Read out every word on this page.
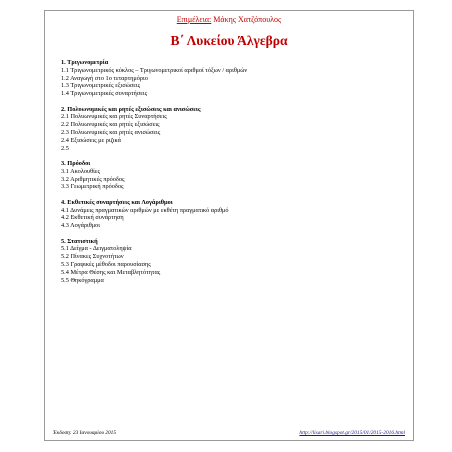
Επιμέλεια: Μάκης Χατζόπουλος
Β΄ Λυκείου Άλγεβρα
1. Τριγωνομετρία
1.1 Τριγωνομετρικός κύκλος – Τριγωνομετρικοί αριθμοί τόξων / αριθμών
1.2 Αναγωγή στο 1ο τεταρτημόριο
1.3 Τριγωνομετρικές εξισώσεις
1.4 Τριγωνομετρικές συναρτήσεις
2. Πολυωνυμικές και ρητές εξισώσεις και ανισώσεις
2.1 Πολυωνυμικές και ρητές Συναρτήσεις
2.2 Πολυωνυμικές και ρητές εξισώσεις
2.3 Πολυωνυμικές και ρητές ανισώσεις
2.4 Εξισώσεις με ριζικά
2.5
3. Πρόοδοι
3.1 Ακολουθίες
3.2 Αριθμητικές πρόοδος
3.3 Γεωμετρική πρόοδος
4. Εκθετικές συναρτήσεις και Λογάριθμοι
4.1 Δυνάμεις πραγματικών αριθμών με εκθέτη πραγματικό αριθμό
4.2 Εκθετική συνάρτηση
4.3 Λογάριθμοι
5. Στατιστική
5.1 Δείγμα - Δειγματοληψία
5.2 Πίνακες Συχνοτήτων
5.3 Γραφικές μέθοδοι παρουσίασης
5.4 Μέτρα Θέσης και Μεταβλητότητας
5.5 Θηκόγραμμα
Έκδοση: 23 Ιανουαρίου 2015	http://lisari.blogspot.gr/2015/01/2015-2016.html
